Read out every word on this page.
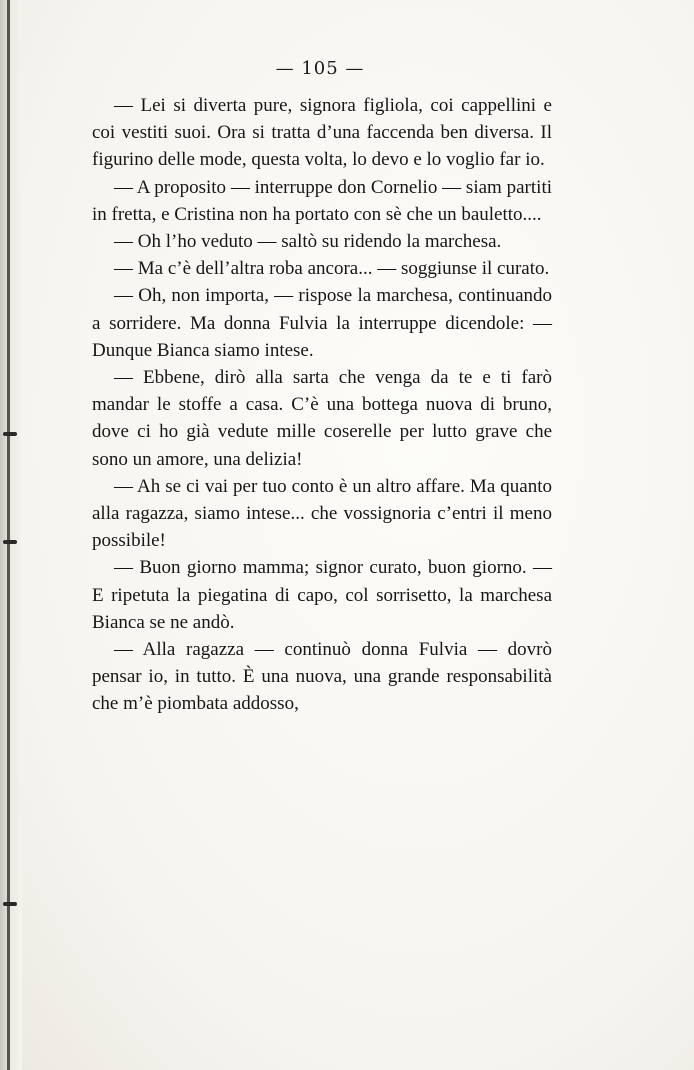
— 105 —

— Lei si diverta pure, signora figliola, coi cappellini e coi vestiti suoi. Ora si tratta d’una faccenda ben diversa. Il figurino delle mode, questa volta, lo devo e lo voglio far io.

— A proposito — interruppe don Cornelio — siam partiti in fretta, e Cristina non ha portato con sè che un bauletto....

— Oh l’ho veduto — saltò su ridendo la marchesa.

— Ma c’è dell’altra roba ancora... — soggiunse il curato.

— Oh, non importa, — rispose la marchesa, continuando a sorridere. Ma donna Fulvia la interruppe dicendole: — Dunque Bianca siamo intese.

— Ebbene, dirò alla sarta che venga da te e ti farò mandar le stoffe a casa. C’è una bottega nuova di bruno, dove ci ho già vedute mille coserelle per lutto grave che sono un amore, una delizia!

— Ah se ci vai per tuo conto è un altro affare. Ma quanto alla ragazza, siamo intese... che vossignoria c’entri il meno possibile!

— Buon giorno mamma; signor curato, buon giorno. — E ripetuta la piegatina di capo, col sorrisetto, la marchesa Bianca se ne andò.

— Alla ragazza — continuò donna Fulvia — dovrò pensar io, in tutto. È una nuova, una grande responsabilità che m’è piombata addosso,
